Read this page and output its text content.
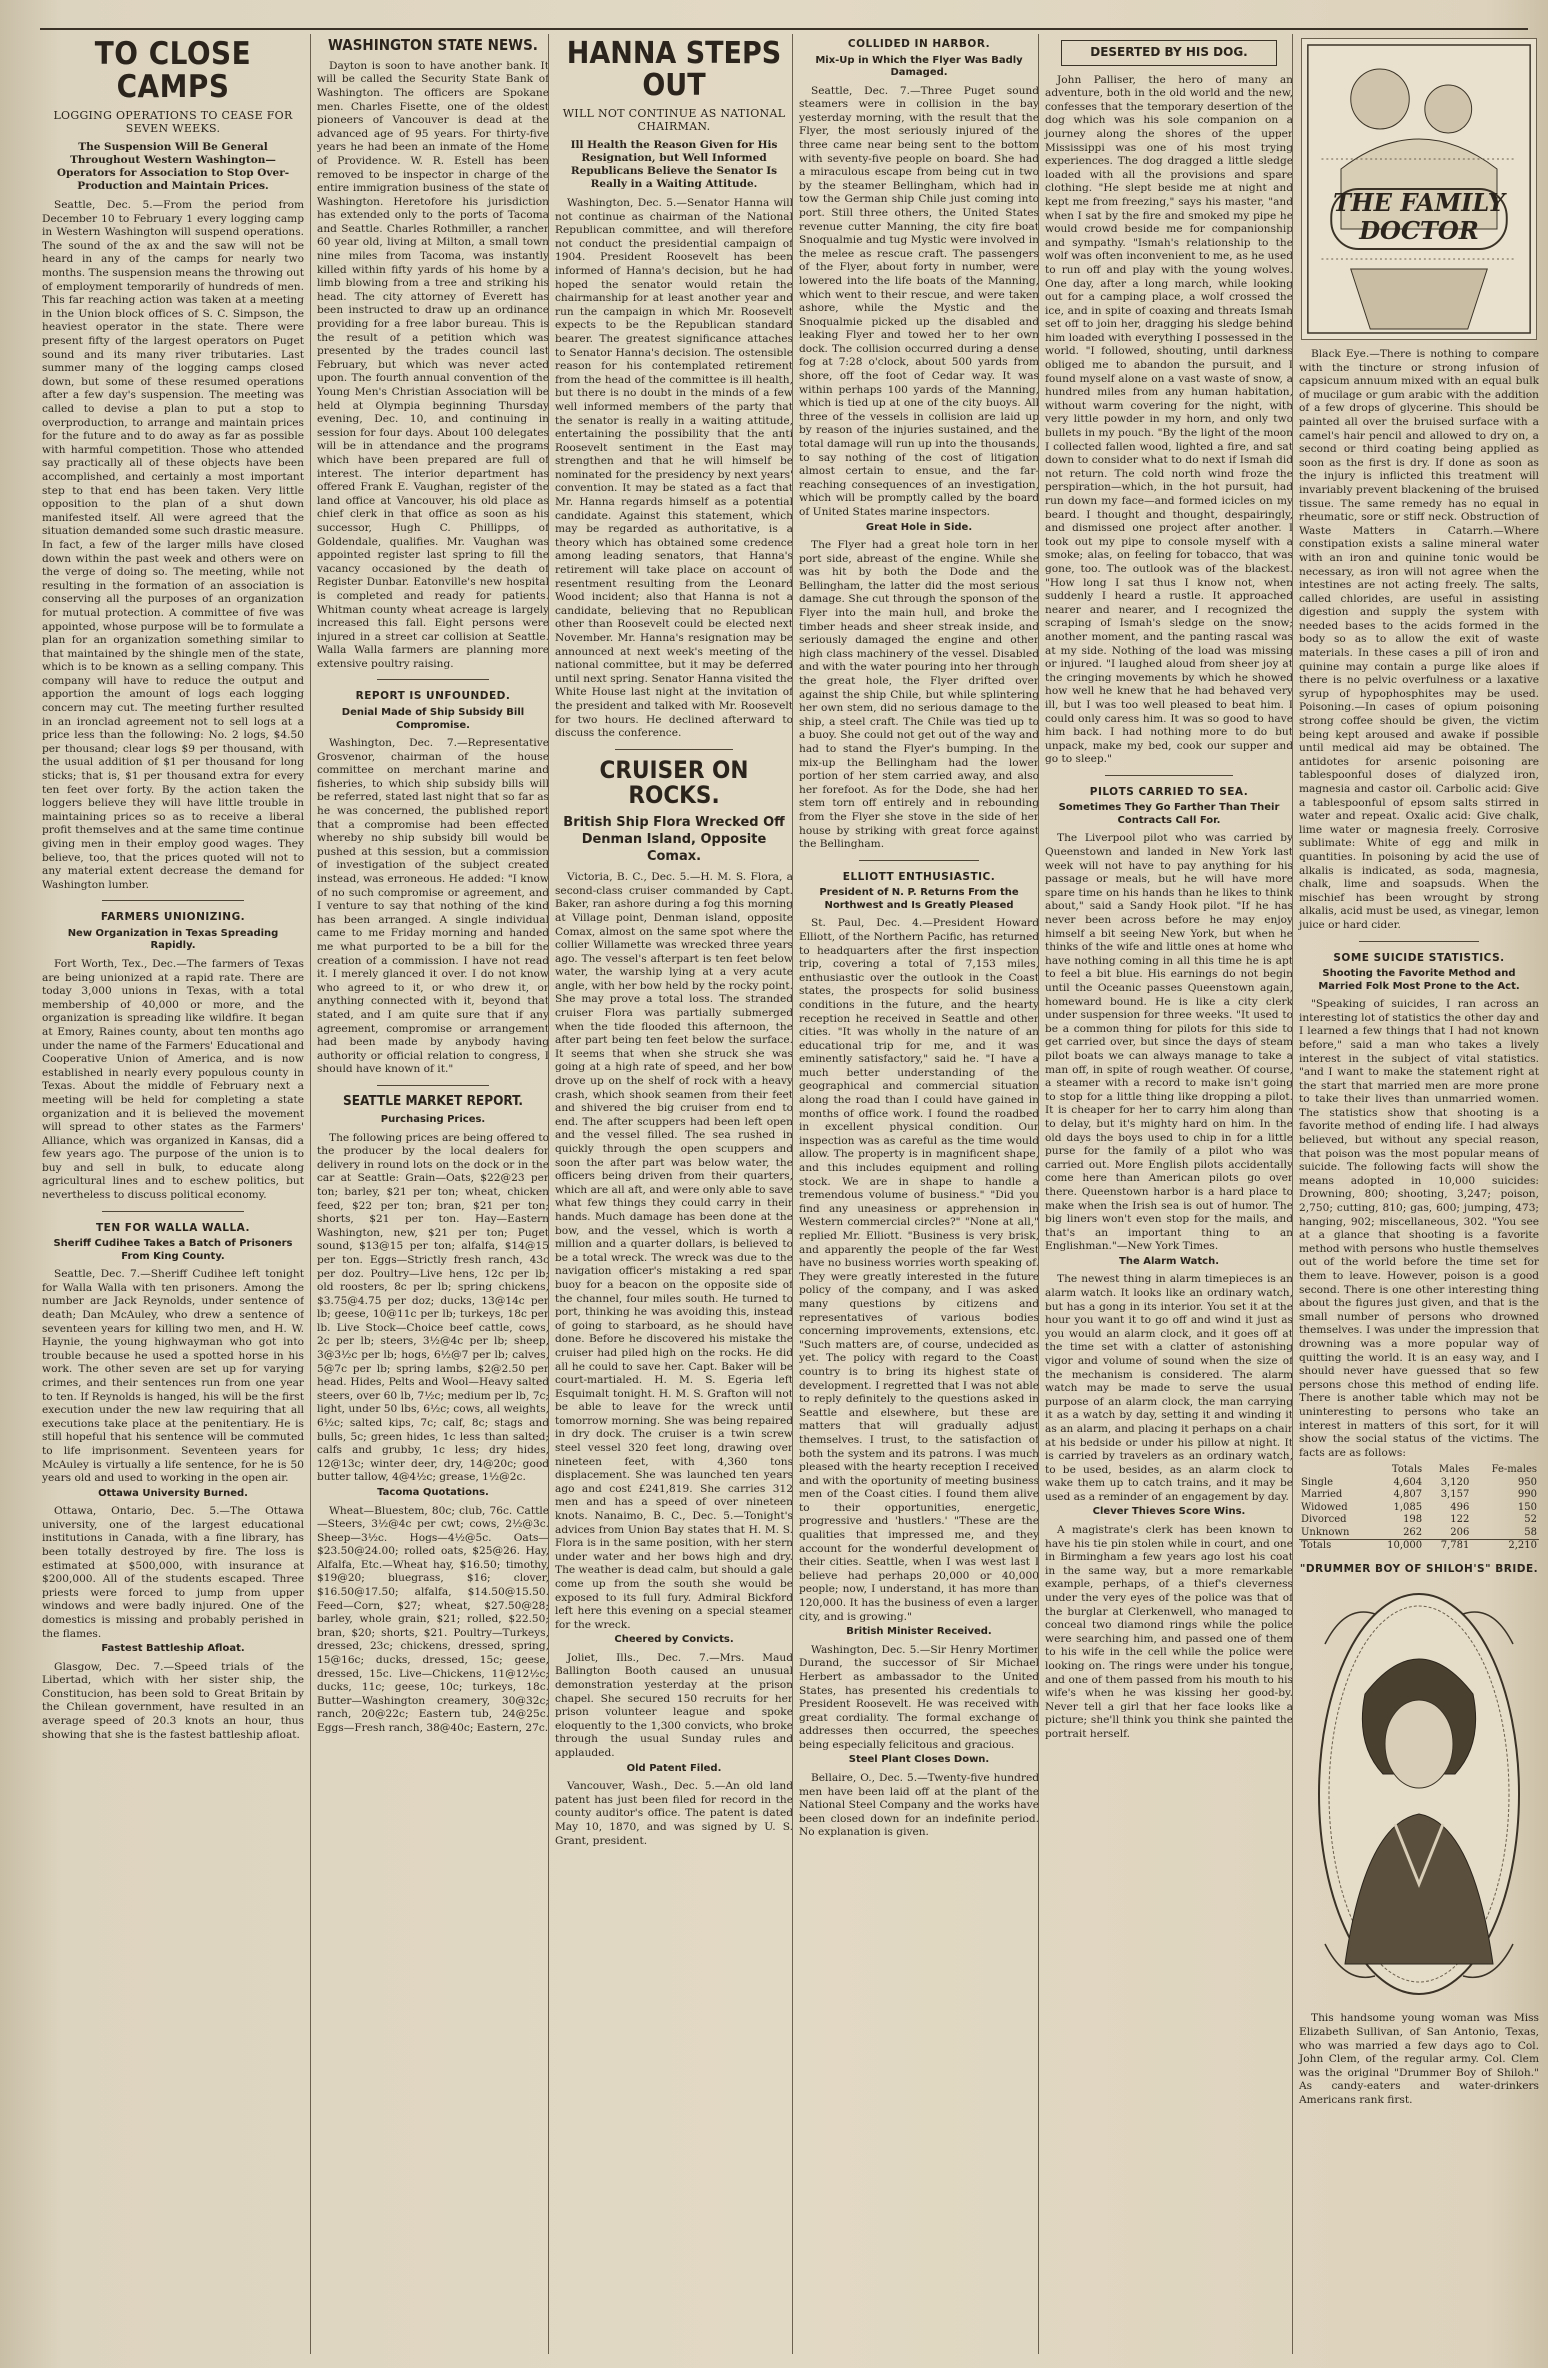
TO CLOSE CAMPS
LOGGING OPERATIONS TO CEASE FOR SEVEN WEEKS.
The Suspension Will Be General Throughout Western Washington—Operators for Association to Stop Over-Production and Maintain Prices.

Seattle, Dec. 5.—From the period from December 10 to February 1 every logging camp in Western Washington will suspend operations. The sound of the ax and the saw will not be heard in any of the camps for nearly two months. The suspension means the throwing out of employment temporarily of hundreds of men. This far reaching action was taken at a meeting in the Union block offices of S. C. Simpson, the heaviest operator in the state. There were present fifty of the largest operators on Puget sound and its many river tributaries. Last summer many of the logging camps closed down, but some of these resumed operations after a few day's suspension. The meeting was called to devise a plan to put a stop to overproduction, to arrange and maintain prices for the future and to do away as far as possible with harmful competition. Those who attended say practically all of these objects have been accomplished, and certainly a most important step to that end has been taken. Very little opposition to the plan of a shut down manifested itself. All were agreed that the situation demanded some such drastic measure. In fact, a few of the larger mills have closed down within the past week and others were on the verge of doing so. The meeting, while not resulting in the formation of an association is conserving all the purposes of an organization for mutual protection. A committee of five was appointed, whose purpose will be to formulate a plan for an organization something similar to that maintained by the shingle men of the state, which is to be known as a selling company. This company will have to reduce the output and apportion the amount of logs each logging concern may cut. The meeting further resulted in an ironclad agreement not to sell logs at a price less than the following: No. 2 logs, $4.50 per thousand; clear logs $9 per thousand, with the usual addition of $1 per thousand for long sticks; that is, $1 per thousand extra for every ten feet over forty. By the action taken the loggers believe they will have little trouble in maintaining prices so as to receive a liberal profit themselves and at the same time continue giving men in their employ good wages. They believe, too, that the prices quoted will not to any material extent decrease the demand for Washington lumber.

FARMERS UNIONIZING.
New Organization in Texas Spreading Rapidly.

Fort Worth, Tex., Dec.—The farmers of Texas are being unionized at a rapid rate. There are today 3,000 unions in Texas, with a total membership of 40,000 or more, and the organization is spreading like wildfire. It began at Emory, Raines county, about ten months ago under the name of the Farmers' Educational and Cooperative Union of America, and is now established in nearly every populous county in Texas. About the middle of February next a meeting will be held for completing a state organization and it is believed the movement will spread to other states as the Farmers' Alliance, which was organized in Kansas, did a few years ago. The purpose of the union is to buy and sell in bulk, to educate along agricultural lines and to eschew politics, but nevertheless to discuss political economy.

TEN FOR WALLA WALLA.
Sheriff Cudihee Takes a Batch of Prisoners From King County.

Seattle, Dec. 7.—Sheriff Cudihee left tonight for Walla Walla with ten prisoners. Among the number are Jack Reynolds, under sentence of death; Dan McAuley, who drew a sentence of seventeen years for killing two men, and H. W. Haynie, the young highwayman who got into trouble because he used a spotted horse in his work. The other seven are set up for varying crimes, and their sentences run from one year to ten. If Reynolds is hanged, his will be the first execution under the new law requiring that all executions take place at the penitentiary. He is still hopeful that his sentence will be commuted to life imprisonment. Seventeen years for McAuley is virtually a life sentence, for he is 50 years old and used to working in the open air.

Ottawa University Burned.

Ottawa, Ontario, Dec. 5.—The Ottawa university, one of the largest educational institutions in Canada, with a fine library, has been totally destroyed by fire. The loss is estimated at $500,000, with insurance at $200,000. All of the students escaped. Three priests were forced to jump from upper windows and were badly injured. One of the domestics is missing and probably perished in the flames.

Fastest Battleship Afloat.

Glasgow, Dec. 7.—Speed trials of the Libertad, which with her sister ship, the Constitucion, has been sold to Great Britain by the Chilean government, have resulted in an average speed of 20.3 knots an hour, thus showing that she is the fastest battleship afloat.

WASHINGTON STATE NEWS.

Dayton is soon to have another bank. It will be called the Security State Bank of Washington. The officers are Spokane men. Charles Fisette, one of the oldest pioneers of Vancouver is dead at the advanced age of 95 years. For thirty-five years he had been an inmate of the Home of Providence. W. R. Estell has been removed to be inspector in charge of the entire immigration business of the state of Washington. Heretofore his jurisdiction has extended only to the ports of Tacoma and Seattle. Charles Rothmiller, a rancher 60 year old, living at Milton, a small town nine miles from Tacoma, was instantly killed within fifty yards of his home by a limb blowing from a tree and striking his head. The city attorney of Everett has been instructed to draw up an ordinance providing for a free labor bureau. This is the result of a petition which was presented by the trades council last February, but which was never acted upon. The fourth annual convention of the Young Men's Christian Association will be held at Olympia beginning Thursday evening, Dec. 10, and continuing in session for four days. About 100 delegates will be in attendance and the programs which have been prepared are full of interest. The interior department has offered Frank E. Vaughan, register of the land office at Vancouver, his old place as chief clerk in that office as soon as his successor, Hugh C. Phillipps, of Goldendale, qualifies. Mr. Vaughan was appointed register last spring to fill the vacancy occasioned by the death of Register Dunbar. Eatonville's new hospital is completed and ready for patients. Whitman county wheat acreage is largely increased this fall. Eight persons were injured in a street car collision at Seattle. Walla Walla farmers are planning more extensive poultry raising.

REPORT IS UNFOUNDED.
Denial Made of Ship Subsidy Bill Compromise.

Washington, Dec. 7.—Representative Grosvenor, chairman of the house committee on merchant marine and fisheries, to which ship subsidy bills will be referred, stated last night that so far as he was concerned, the published report that a compromise had been effected whereby no ship subsidy bill would be pushed at this session, but a commission of investigation of the subject created instead, was erroneous. He added: "I know of no such compromise or agreement, and I venture to say that nothing of the kind has been arranged. A single individual came to me Friday morning and handed me what purported to be a bill for the creation of a commission. I have not read it. I merely glanced it over. I do not know who agreed to it, or who drew it, or anything connected with it, beyond that stated, and I am quite sure that if any agreement, compromise or arrangement had been made by anybody having authority or official relation to congress, I should have known of it."

SEATTLE MARKET REPORT.
Purchasing Prices.

The following prices are being offered to the producer by the local dealers for delivery in round lots on the dock or in the car at Seattle: Grain—Oats, $22@23 per ton; barley, $21 per ton; wheat, chicken feed, $22 per ton; bran, $21 per ton; shorts, $21 per ton. Hay—Eastern Washington, new, $21 per ton; Puget sound, $13@15 per ton; alfalfa, $14@15 per ton. Eggs—Strictly fresh ranch, 43c per doz. Poultry—Live hens, 12c per lb; old roosters, 8c per lb; spring chickens, $3.75@4.75 per doz; ducks, 13@14c per lb; geese, 10@11c per lb; turkeys, 18c per lb. Live Stock—Choice beef cattle, cows, 2c per lb; steers, 3½@4c per lb; sheep, 3@3½c per lb; hogs, 6½@7 per lb; calves, 5@7c per lb; spring lambs, $2@2.50 per head. Hides, Pelts and Wool—Heavy salted steers, over 60 lb, 7½c; medium per lb, 7c; light, under 50 lbs, 6½c; cows, all weights, 6½c; salted kips, 7c; calf, 8c; stags and bulls, 5c; green hides, 1c less than salted; calfs and grubby, 1c less; dry hides, 12@13c; winter deer, dry, 14@20c; good butter tallow, 4@4½c; grease, 1½@2c.

Tacoma Quotations.

Wheat—Bluestem, 80c; club, 76c. Cattle—Steers, 3½@4c per cwt; cows, 2½@3c. Sheep—3½c. Hogs—4½@5c. Oats—$23.50@24.00; rolled oats, $25@26. Hay, Alfalfa, Etc.—Wheat hay, $16.50; timothy, $19@20; bluegrass, $16; clover, $16.50@17.50; alfalfa, $14.50@15.50. Feed—Corn, $27; wheat, $27.50@28; barley, whole grain, $21; rolled, $22.50; bran, $20; shorts, $21. Poultry—Turkeys, dressed, 23c; chickens, dressed, spring, 15@16c; ducks, dressed, 15c; geese, dressed, 15c. Live—Chickens, 11@12½c; ducks, 11c; geese, 10c; turkeys, 18c. Butter—Washington creamery, 30@32c; ranch, 20@22c; Eastern tub, 24@25c. Eggs—Fresh ranch, 38@40c; Eastern, 27c.

HANNA STEPS OUT
WILL NOT CONTINUE AS NATIONAL CHAIRMAN.
Ill Health the Reason Given for His Resignation, but Well Informed Republicans Believe the Senator Is Really in a Waiting Attitude.

Washington, Dec. 5.—Senator Hanna will not continue as chairman of the National Republican committee, and will therefore not conduct the presidential campaign of 1904. President Roosevelt has been informed of Hanna's decision, but he had hoped the senator would retain the chairmanship for at least another year and run the campaign in which Mr. Roosevelt expects to be the Republican standard bearer. The greatest significance attaches to Senator Hanna's decision. The ostensible reason for his contemplated retirement from the head of the committee is ill health, but there is no doubt in the minds of a few well informed members of the party that the senator is really in a waiting attitude, entertaining the possibility that the anti Roosevelt sentiment in the East may strengthen and that he will himself be nominated for the presidency by next years' convention. It may be stated as a fact that Mr. Hanna regards himself as a potential candidate. Against this statement, which may be regarded as authoritative, is a theory which has obtained some credence among leading senators, that Hanna's retirement will take place on account of resentment resulting from the Leonard Wood incident; also that Hanna is not a candidate, believing that no Republican other than Roosevelt could be elected next November. Mr. Hanna's resignation may be announced at next week's meeting of the national committee, but it may be deferred until next spring. Senator Hanna visited the White House last night at the invitation of the president and talked with Mr. Roosevelt for two hours. He declined afterward to discuss the conference.

CRUISER ON ROCKS.
British Ship Flora Wrecked Off Denman Island, Opposite Comax.

Victoria, B. C., Dec. 5.—H. M. S. Flora, a second-class cruiser commanded by Capt. Baker, ran ashore during a fog this morning at Village point, Denman island, opposite Comax, almost on the same spot where the collier Willamette was wrecked three years ago. The vessel's afterpart is ten feet below water, the warship lying at a very acute angle, with her bow held by the rocky point. She may prove a total loss. The stranded cruiser Flora was partially submerged when the tide flooded this afternoon, the after part being ten feet below the surface. It seems that when she struck she was going at a high rate of speed, and her bow drove up on the shelf of rock with a heavy crash, which shook seamen from their feet and shivered the big cruiser from end to end. The after scuppers had been left open and the vessel filled. The sea rushed in quickly through the open scuppers and soon the after part was below water, the officers being driven from their quarters, which are all aft, and were only able to save what few things they could carry in their hands. Much damage has been done at the bow, and the vessel, which is worth a million and a quarter dollars, is believed to be a total wreck. The wreck was due to the navigation officer's mistaking a red spar buoy for a beacon on the opposite side of the channel, four miles south. He turned to port, thinking he was avoiding this, instead of going to starboard, as he should have done. Before he discovered his mistake the cruiser had piled high on the rocks. He did all he could to save her. Capt. Baker will be court-martialed. H. M. S. Egeria left Esquimalt tonight. H. M. S. Grafton will not be able to leave for the wreck until tomorrow morning. She was being repaired in dry dock. The cruiser is a twin screw steel vessel 320 feet long, drawing over nineteen feet, with 4,360 tons displacement. She was launched ten years ago and cost £241,819. She carries 312 men and has a speed of over nineteen knots. Nanaimo, B. C., Dec. 5.—Tonight's advices from Union Bay states that H. M. S. Flora is in the same position, with her stern under water and her bows high and dry. The weather is dead calm, but should a gale come up from the south she would be exposed to its full fury. Admiral Bickford left here this evening on a special steamer for the wreck.

Cheered by Convicts.

Joliet, Ills., Dec. 7.—Mrs. Maud Ballington Booth caused an unusual demonstration yesterday at the prison chapel. She secured 150 recruits for her prison volunteer league and spoke eloquently to the 1,300 convicts, who broke through the usual Sunday rules and applauded.

Old Patent Filed.

Vancouver, Wash., Dec. 5.—An old land patent has just been filed for record in the county auditor's office. The patent is dated May 10, 1870, and was signed by U. S. Grant, president.

COLLIDED IN HARBOR.
Mix-Up in Which the Flyer Was Badly Damaged.

Seattle, Dec. 7.—Three Puget sound steamers were in collision in the bay yesterday morning, with the result that the Flyer, the most seriously injured of the three came near being sent to the bottom with seventy-five people on board. She had a miraculous escape from being cut in two by the steamer Bellingham, which had in tow the German ship Chile just coming into port. Still three others, the United States revenue cutter Manning, the city fire boat Snoqualmie and tug Mystic were involved in the melee as rescue craft. The passengers of the Flyer, about forty in number, were lowered into the life boats of the Manning, which went to their rescue, and were taken ashore, while the Mystic and the Snoqualmie picked up the disabled and leaking Flyer and towed her to her own dock. The collision occurred during a dense fog at 7:28 o'clock, about 500 yards from shore, off the foot of Cedar way. It was within perhaps 100 yards of the Manning, which is tied up at one of the city buoys. All three of the vessels in collision are laid up by reason of the injuries sustained, and the total damage will run up into the thousands, to say nothing of the cost of litigation almost certain to ensue, and the far-reaching consequences of an investigation, which will be promptly called by the board of United States marine inspectors.

Great Hole in Side.

The Flyer had a great hole torn in her port side, abreast of the engine. While she was hit by both the Dode and the Bellingham, the latter did the most serious damage. She cut through the sponson of the Flyer into the main hull, and broke the timber heads and sheer streak inside, and seriously damaged the engine and other high class machinery of the vessel. Disabled and with the water pouring into her through the great hole, the Flyer drifted over against the ship Chile, but while splintering her own stem, did no serious damage to the ship, a steel craft. The Chile was tied up to a buoy. She could not get out of the way and had to stand the Flyer's bumping. In the mix-up the Bellingham had the lower portion of her stem carried away, and also her forefoot. As for the Dode, she had her stem torn off entirely and in rebounding from the Flyer she stove in the side of her house by striking with great force against the Bellingham.

ELLIOTT ENTHUSIASTIC.
President of N. P. Returns From the Northwest and Is Greatly Pleased

St. Paul, Dec. 4.—President Howard Elliott, of the Northern Pacific, has returned to headquarters after the first inspection trip, covering a total of 7,153 miles, enthusiastic over the outlook in the Coast states, the prospects for solid business conditions in the future, and the hearty reception he received in Seattle and other cities. "It was wholly in the nature of an educational trip for me, and it was eminently satisfactory," said he. "I have a much better understanding of the geographical and commercial situation along the road than I could have gained in months of office work. I found the roadbed in excellent physical condition. Our inspection was as careful as the time would allow. The property is in magnificent shape, and this includes equipment and rolling stock. We are in shape to handle a tremendous volume of business." "Did you find any uneasiness or apprehension in Western commercial circles?" "None at all," replied Mr. Elliott. "Business is very brisk, and apparently the people of the far West have no business worries worth speaking of. They were greatly interested in the future policy of the company, and I was asked many questions by citizens and representatives of various bodies concerning improvements, extensions, etc. "Such matters are, of course, undecided as yet. The policy with regard to the Coast country is to bring its highest state of development. I regretted that I was not able to reply definitely to the questions asked in Seattle and elsewhere, but these are matters that will gradually adjust themselves. I trust, to the satisfaction of both the system and its patrons. I was much pleased with the hearty reception I received and with the oportunity of meeting business men of the Coast cities. I found them alive to their opportunities, energetic, progressive and 'hustlers.' "These are the qualities that impressed me, and they account for the wonderful development of their cities. Seattle, when I was west last I believe had perhaps 20,000 or 40,000 people; now, I understand, it has more than 120,000. It has the business of even a larger city, and is growing."

British Minister Received.

Washington, Dec. 5.—Sir Henry Mortimer Durand, the successor of Sir Michael Herbert as ambassador to the United States, has presented his credentials to President Roosevelt. He was received with great cordiality. The formal exchange of addresses then occurred, the speeches being especially felicitous and gracious.

Steel Plant Closes Down.

Bellaire, O., Dec. 5.—Twenty-five hundred men have been laid off at the plant of the National Steel Company and the works have been closed down for an indefinite period. No explanation is given.

DESERTED BY HIS DOG.

John Palliser, the hero of many an adventure, both in the old world and the new, confesses that the temporary desertion of the dog which was his sole companion on a journey along the shores of the upper Mississippi was one of his most trying experiences. The dog dragged a little sledge loaded with all the provisions and spare clothing. "He slept beside me at night and kept me from freezing," says his master, "and when I sat by the fire and smoked my pipe he would crowd beside me for companionship and sympathy. "Ismah's relationship to the wolf was often inconvenient to me, as he used to run off and play with the young wolves. One day, after a long march, while looking out for a camping place, a wolf crossed the ice, and in spite of coaxing and threats Ismah set off to join her, dragging his sledge behind him loaded with everything I possessed in the world. "I followed, shouting, until darkness obliged me to abandon the pursuit, and I found myself alone on a vast waste of snow, a hundred miles from any human habitation, without warm covering for the night, with very little powder in my horn, and only two bullets in my pouch. "By the light of the moon I collected fallen wood, lighted a fire, and sat down to consider what to do next if Ismah did not return. The cold north wind froze the perspiration—which, in the hot pursuit, had run down my face—and formed icicles on my beard. I thought and thought, despairingly, and dismissed one project after another. I took out my pipe to console myself with a smoke; alas, on feeling for tobacco, that was gone, too. The outlook was of the blackest. "How long I sat thus I know not, when suddenly I heard a rustle. It approached nearer and nearer, and I recognized the scraping of Ismah's sledge on the snow; another moment, and the panting rascal was at my side. Nothing of the load was missing or injured. "I laughed aloud from sheer joy at the cringing movements by which he showed how well he knew that he had behaved very ill, but I was too well pleased to beat him. I could only caress him. It was so good to have him back. I had nothing more to do but unpack, make my bed, cook our supper and go to sleep."

PILOTS CARRIED TO SEA.
Sometimes They Go Farther Than Their Contracts Call For.

The Liverpool pilot who was carried by Queenstown and landed in New York last week will not have to pay anything for his passage or meals, but he will have more spare time on his hands than he likes to think about," said a Sandy Hook pilot. "If he has never been across before he may enjoy himself a bit seeing New York, but when he thinks of the wife and little ones at home who have nothing coming in all this time he is apt to feel a bit blue. His earnings do not begin until the Oceanic passes Queenstown again, homeward bound. He is like a city clerk under suspension for three weeks. "It used to be a common thing for pilots for this side to get carried over, but since the days of steam pilot boats we can always manage to take a man off, in spite of rough weather. Of course, a steamer with a record to make isn't going to stop for a little thing like dropping a pilot. It is cheaper for her to carry him along than to delay, but it's mighty hard on him. In the old days the boys used to chip in for a little purse for the family of a pilot who was carried out. More English pilots accidentally come here than American pilots go over there. Queenstown harbor is a hard place to make when the Irish sea is out of humor. The big liners won't even stop for the mails, and that's an important thing to an Englishman."—New York Times.

The Alarm Watch.

The newest thing in alarm timepieces is an alarm watch. It looks like an ordinary watch, but has a gong in its interior. You set it at the hour you want it to go off and wind it just as you would an alarm clock, and it goes off at the time set with a clatter of astonishing vigor and volume of sound when the size of the mechanism is considered. The alarm watch may be made to serve the usual purpose of an alarm clock, the man carrying it as a watch by day, setting it and winding it as an alarm, and placing it perhaps on a chair at his bedside or under his pillow at night. It is carried by travelers as an ordinary watch, to be used, besides, as an alarm clock to wake them up to catch trains, and it may be used as a reminder of an engagement by day.

Clever Thieves Score Wins.

A magistrate's clerk has been known to have his tie pin stolen while in court, and one in Birmingham a few years ago lost his coat in the same way, but a more remarkable example, perhaps, of a thief's cleverness under the very eyes of the police was that of the burglar at Clerkenwell, who managed to conceal two diamond rings while the police were searching him, and passed one of them to his wife in the cell while the police were looking on. The rings were under his tongue, and one of them passed from his mouth to his wife's when he was kissing her good-by. Never tell a girl that her face looks like a picture; she'll think you think she painted the portrait herself.

THE FAMILY DOCTOR

Black Eye.—There is nothing to compare with the tincture or strong infusion of capsicum annuum mixed with an equal bulk of mucilage or gum arabic with the addition of a few drops of glycerine. This should be painted all over the bruised surface with a camel's hair pencil and allowed to dry on, a second or third coating being applied as soon as the first is dry. If done as soon as the injury is inflicted this treatment will invariably prevent blackening of the bruised tissue. The same remedy has no equal in rheumatic, sore or stiff neck. Obstruction of Waste Matters in Catarrh.—Where constipation exists a saline mineral water with an iron and quinine tonic would be necessary, as iron will not agree when the intestines are not acting freely. The salts, called chlorides, are useful in assisting digestion and supply the system with needed bases to the acids formed in the body so as to allow the exit of waste materials. In these cases a pill of iron and quinine may contain a purge like aloes if there is no pelvic overfulness or a laxative syrup of hypophosphites may be used. Poisoning.—In cases of opium poisoning strong coffee should be given, the victim being kept aroused and awake if possible until medical aid may be obtained. The antidotes for arsenic poisoning are tablespoonful doses of dialyzed iron, magnesia and castor oil. Carbolic acid: Give a tablespoonful of epsom salts stirred in water and repeat. Oxalic acid: Give chalk, lime water or magnesia freely. Corrosive sublimate: White of egg and milk in quantities. In poisoning by acid the use of alkalis is indicated, as soda, magnesia, chalk, lime and soapsuds. When the mischief has been wrought by strong alkalis, acid must be used, as vinegar, lemon juice or hard cider.

SOME SUICIDE STATISTICS.
Shooting the Favorite Method and Married Folk Most Prone to the Act.

"Speaking of suicides, I ran across an interesting lot of statistics the other day and I learned a few things that I had not known before," said a man who takes a lively interest in the subject of vital statistics. "and I want to make the statement right at the start that married men are more prone to take their lives than unmarried women. The statistics show that shooting is a favorite method of ending life. I had always believed, but without any special reason, that poison was the most popular means of suicide. The following facts will show the means adopted in 10,000 suicides: Drowning, 800; shooting, 3,247; poison, 2,750; cutting, 810; gas, 600; jumping, 473; hanging, 902; miscellaneous, 302. "You see at a glance that shooting is a favorite method with persons who hustle themselves out of the world before the time set for them to leave. However, poison is a good second. There is one other interesting thing about the figures just given, and that is the small number of persons who drowned themselves. I was under the impression that drowning was a more popular way of quitting the world. It is an easy way, and I should never have guessed that so few persons chose this method of ending life. There is another table which may not be uninteresting to persons who take an interest in matters of this sort, for it will show the social status of the victims. The facts are as follows:

	Totals	Males	Fe-males
Single	4,604	3,120	950
Married	4,807	3,157	990
Widowed	1,085	496	150
Divorced	198	122	52
Unknown	262	206	58
Totals	10,000	7,781	2,210
"DRUMMER BOY OF SHILOH'S" BRIDE.

This handsome young woman was Miss Elizabeth Sullivan, of San Antonio, Texas, who was married a few days ago to Col. John Clem, of the regular army. Col. Clem was the original "Drummer Boy of Shiloh." As candy-eaters and water-drinkers Americans rank first.
